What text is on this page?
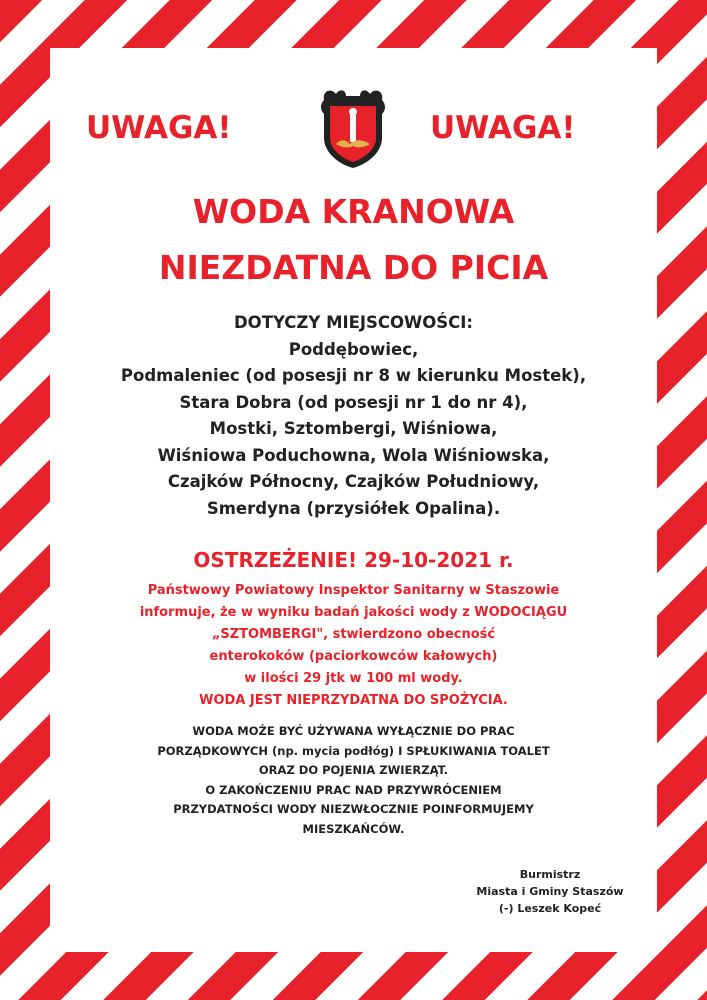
UWAGA!	UWAGA!
WODA KRANOWA
NIEZDATNA DO PICIA
DOTYCZY MIEJSCOWOŚCI:
Poddębowiec,
Podmaleniec (od posesji nr 8 w kierunku Mostek),
Stara Dobra (od posesji nr 1 do nr 4),
Mostki, Sztombergi, Wiśniowa,
Wiśniowa Poduchowna, Wola Wiśniowska,
Czajków Północny, Czajków Południowy,
Smerdyna (przysiółek Opalina).
OSTRZEŻENIE! 29-10-2021 r.
Państwowy Powiatowy Inspektor Sanitarny w Staszowie
informuje, że w wyniku badań jakości wody z WODOCIĄGU
„SZTOMBERGI", stwierdzono obecność
enterokoków (paciorkowców kałowych)
w ilości 29 jtk w 100 ml wody.
WODA JEST NIEPRZYDATNA DO SPOŻYCIA.
WODA MOŻE BYĆ UŻYWANA WYŁĄCZNIE DO PRAC
PORZĄDKOWYCH (np. mycia podłóg) I SPŁUKIWANIA TOALET
ORAZ DO POJENIA ZWIERZĄT.
O ZAKOŃCZENIU PRAC NAD PRZYWRÓCENIEM
PRZYDATNOŚCI WODY NIEZWŁOCZNIE POINFORMUJEMY
MIESZKAŃCÓW.
Burmistrz
Miasta i Gminy Staszów
(-) Leszek Kopeć
